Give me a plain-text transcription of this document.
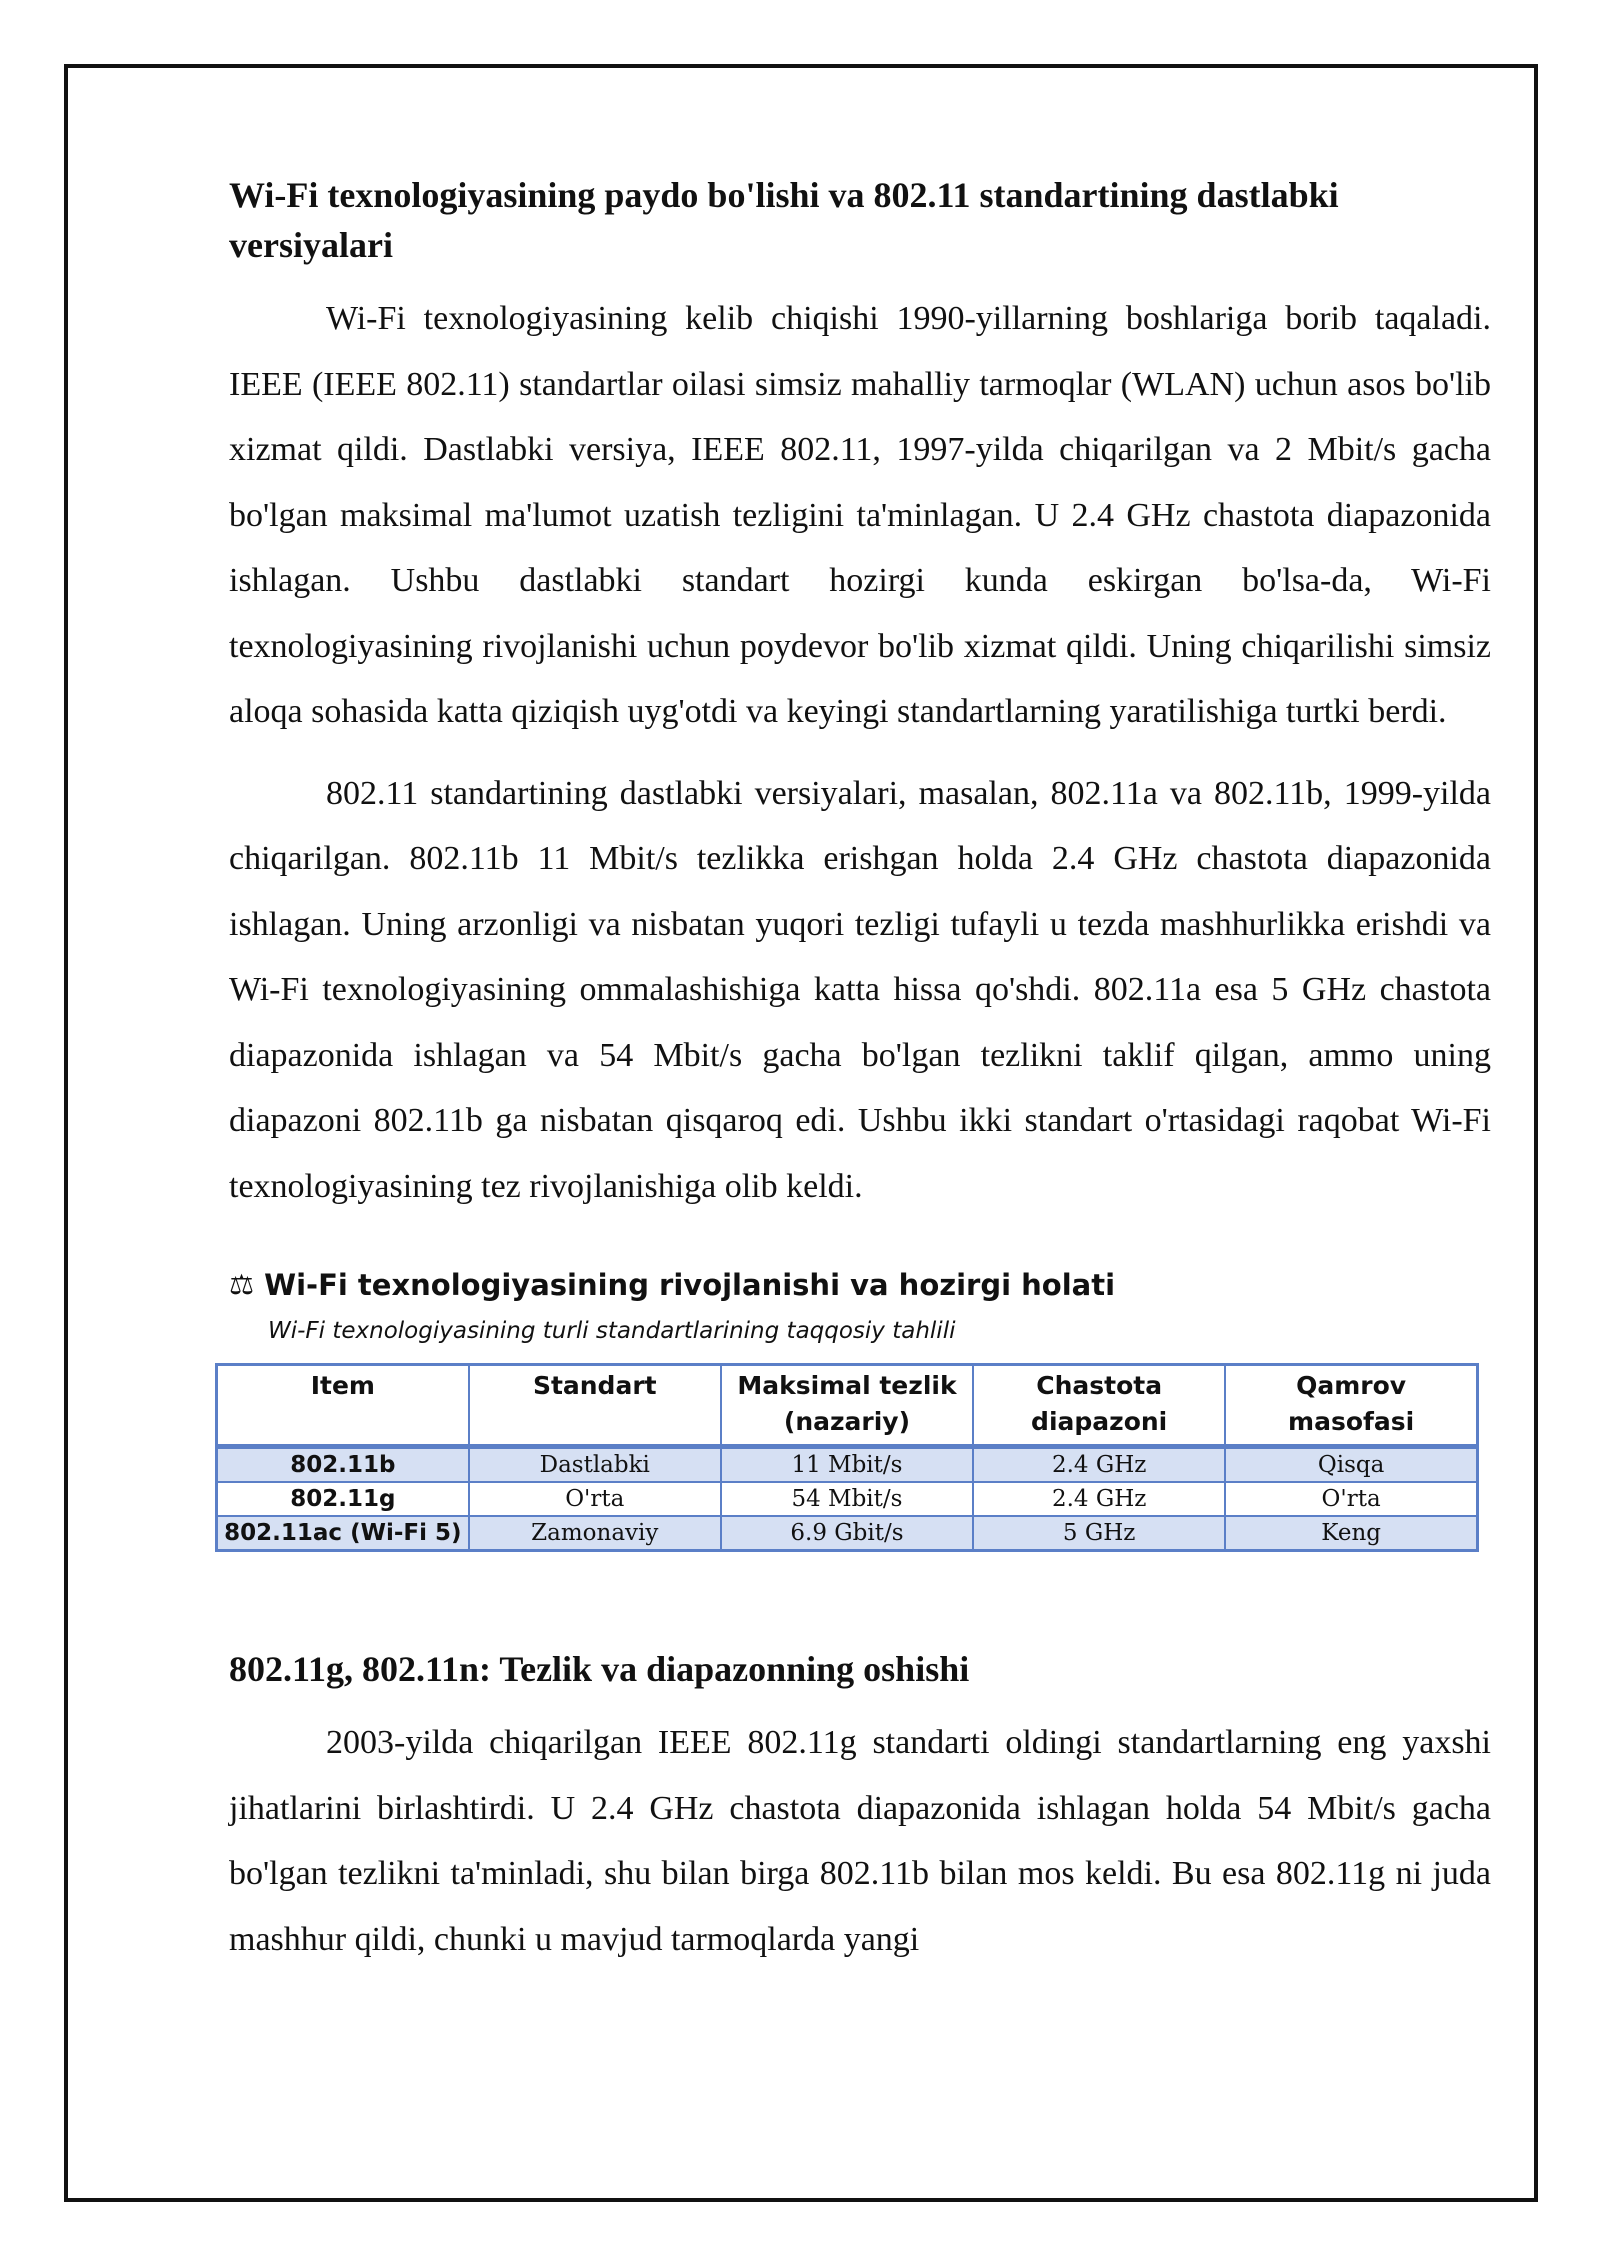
Wi-Fi texnologiyasining paydo bo'lishi va 802.11 standartining dastlabki versiyalari

Wi-Fi texnologiyasining kelib chiqishi 1990-yillarning boshlariga borib taqaladi. IEEE (IEEE 802.11) standartlar oilasi simsiz mahalliy tarmoqlar (WLAN) uchun asos bo'lib xizmat qildi. Dastlabki versiya, IEEE 802.11, 1997-yilda chiqarilgan va 2 Mbit/s gacha bo'lgan maksimal ma'lumot uzatish tezligini ta'minlagan. U 2.4 GHz chastota diapazonida ishlagan. Ushbu dastlabki standart hozirgi kunda eskirgan bo'lsa-da, Wi-Fi texnologiyasining rivojlanishi uchun poydevor bo'lib xizmat qildi. Uning chiqarilishi simsiz aloqa sohasida katta qiziqish uyg'otdi va keyingi standartlarning yaratilishiga turtki berdi.

802.11 standartining dastlabki versiyalari, masalan, 802.11a va 802.11b, 1999-yilda chiqarilgan. 802.11b 11 Mbit/s tezlikka erishgan holda 2.4 GHz chastota diapazonida ishlagan. Uning arzonligi va nisbatan yuqori tezligi tufayli u tezda mashhurlikka erishdi va Wi-Fi texnologiyasining ommalashishiga katta hissa qo'shdi. 802.11a esa 5 GHz chastota diapazonida ishlagan va 54 Mbit/s gacha bo'lgan tezlikni taklif qilgan, ammo uning diapazoni 802.11b ga nisbatan qisqaroq edi. Ushbu ikki standart o'rtasidagi raqobat Wi-Fi texnologiyasining tez rivojlanishiga olib keldi.

⚖ Wi-Fi texnologiyasining rivojlanishi va hozirgi holati
Wi-Fi texnologiyasining turli standartlarining taqqosiy tahlili
Item	Standart	Maksimal tezlik (nazariy)	Chastota diapazoni	Qamrov masofasi
802.11b	Dastlabki	11 Mbit/s	2.4 GHz	Qisqa
802.11g	O'rta	54 Mbit/s	2.4 GHz	O'rta
802.11ac (Wi-Fi 5)	Zamonaviy	6.9 Gbit/s	5 GHz	Keng
802.11g, 802.11n: Tezlik va diapazonning oshishi

2003-yilda chiqarilgan IEEE 802.11g standarti oldingi standartlarning eng yaxshi jihatlarini birlashtirdi. U 2.4 GHz chastota diapazonida ishlagan holda 54 Mbit/s gacha bo'lgan tezlikni ta'minladi, shu bilan birga 802.11b bilan mos keldi. Bu esa 802.11g ni juda mashhur qildi, chunki u mavjud tarmoqlarda yangi
